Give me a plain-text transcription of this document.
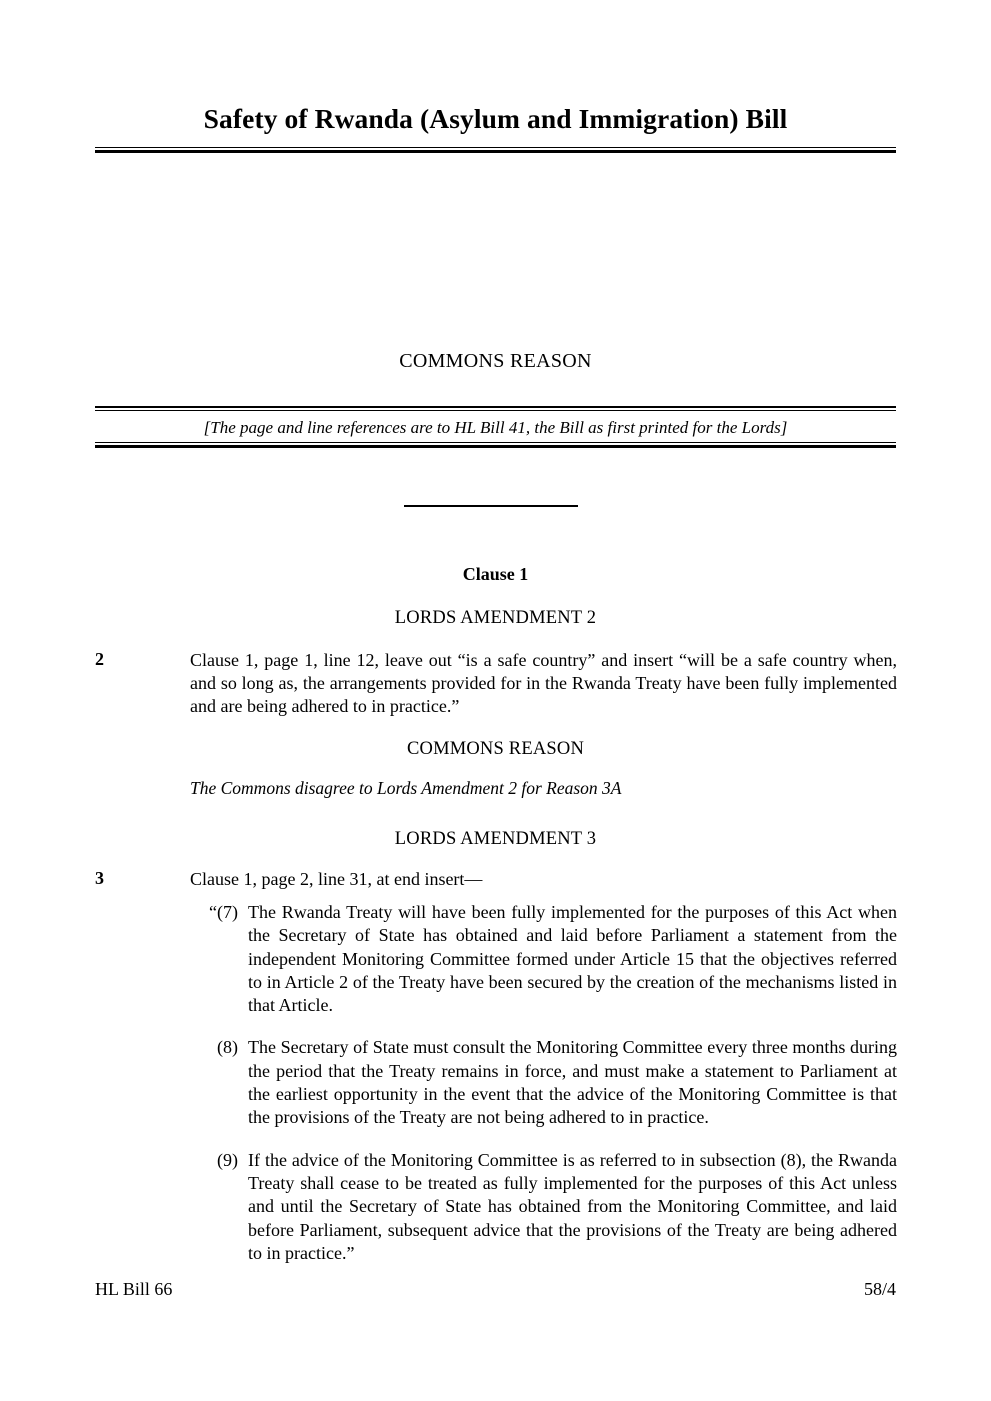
Safety of Rwanda (Asylum and Immigration) Bill
COMMONS REASON
[The page and line references are to HL Bill 41, the Bill as first printed for the Lords]
Clause 1
LORDS AMENDMENT 2
2	Clause 1, page 1, line 12, leave out “is a safe country” and insert “will be a safe country when, and so long as, the arrangements provided for in the Rwanda Treaty have been fully implemented and are being adhered to in practice.”
COMMONS REASON
The Commons disagree to Lords Amendment 2 for Reason 3A
LORDS AMENDMENT 3
3	Clause 1, page 2, line 31, at end insert—
“(7) The Rwanda Treaty will have been fully implemented for the purposes of this Act when the Secretary of State has obtained and laid before Parliament a statement from the independent Monitoring Committee formed under Article 15 that the objectives referred to in Article 2 of the Treaty have been secured by the creation of the mechanisms listed in that Article.
(8) The Secretary of State must consult the Monitoring Committee every three months during the period that the Treaty remains in force, and must make a statement to Parliament at the earliest opportunity in the event that the advice of the Monitoring Committee is that the provisions of the Treaty are not being adhered to in practice.
(9) If the advice of the Monitoring Committee is as referred to in subsection (8), the Rwanda Treaty shall cease to be treated as fully implemented for the purposes of this Act unless and until the Secretary of State has obtained from the Monitoring Committee, and laid before Parliament, subsequent advice that the provisions of the Treaty are being adhered to in practice.”
HL Bill 66	58/4
